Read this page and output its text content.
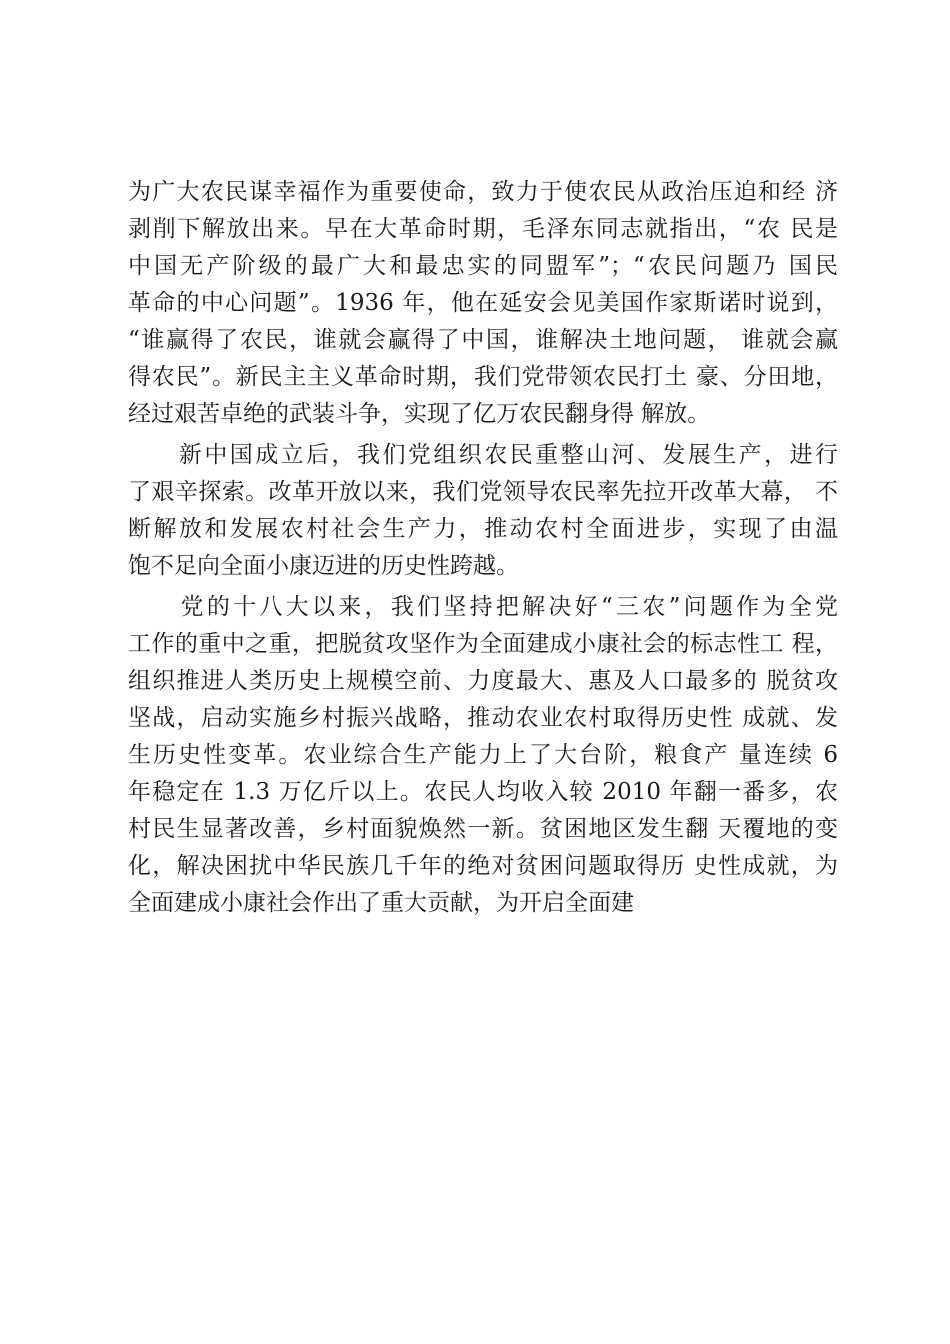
为广大农民谋幸福作为重要使命，致力于使农民从政治压迫和经 济
剥削下解放出来。早在大革命时期，毛泽东同志就指出，“农 民是
中国无产阶级的最广大和最忠实的同盟军”；“农民问题乃 国民
革命的中心问题”。1936 年，他在延安会见美国作家斯诺时说到，
“谁赢得了农民，谁就会赢得了中国，谁解决土地问题， 谁就会赢
得农民”。新民主主义革命时期，我们党带领农民打土 豪、分田地，
经过艰苦卓绝的武装斗争，实现了亿万农民翻身得 解放。

　　新中国成立后，我们党组织农民重整山河、发展生产，进行
了艰辛探索。改革开放以来，我们党领导农民率先拉开改革大幕， 不
断解放和发展农村社会生产力，推动农村全面进步，实现了由温
饱不足向全面小康迈进的历史性跨越。

　　党的十八大以来，我们坚持把解决好“三农”问题作为全党
工作的重中之重，把脱贫攻坚作为全面建成小康社会的标志性工 程，
组织推进人类历史上规模空前、力度最大、惠及人口最多的 脱贫攻
坚战，启动实施乡村振兴战略，推动农业农村取得历史性 成就、发
生历史性变革。农业综合生产能力上了大台阶，粮食产 量连续 6
年稳定在 1.3 万亿斤以上。农民人均收入较 2010 年翻一番多，农
村民生显著改善，乡村面貌焕然一新。贫困地区发生翻 天覆地的变
化，解决困扰中华民族几千年的绝对贫困问题取得历 史性成就，为
全面建成小康社会作出了重大贡献，为开启全面建
